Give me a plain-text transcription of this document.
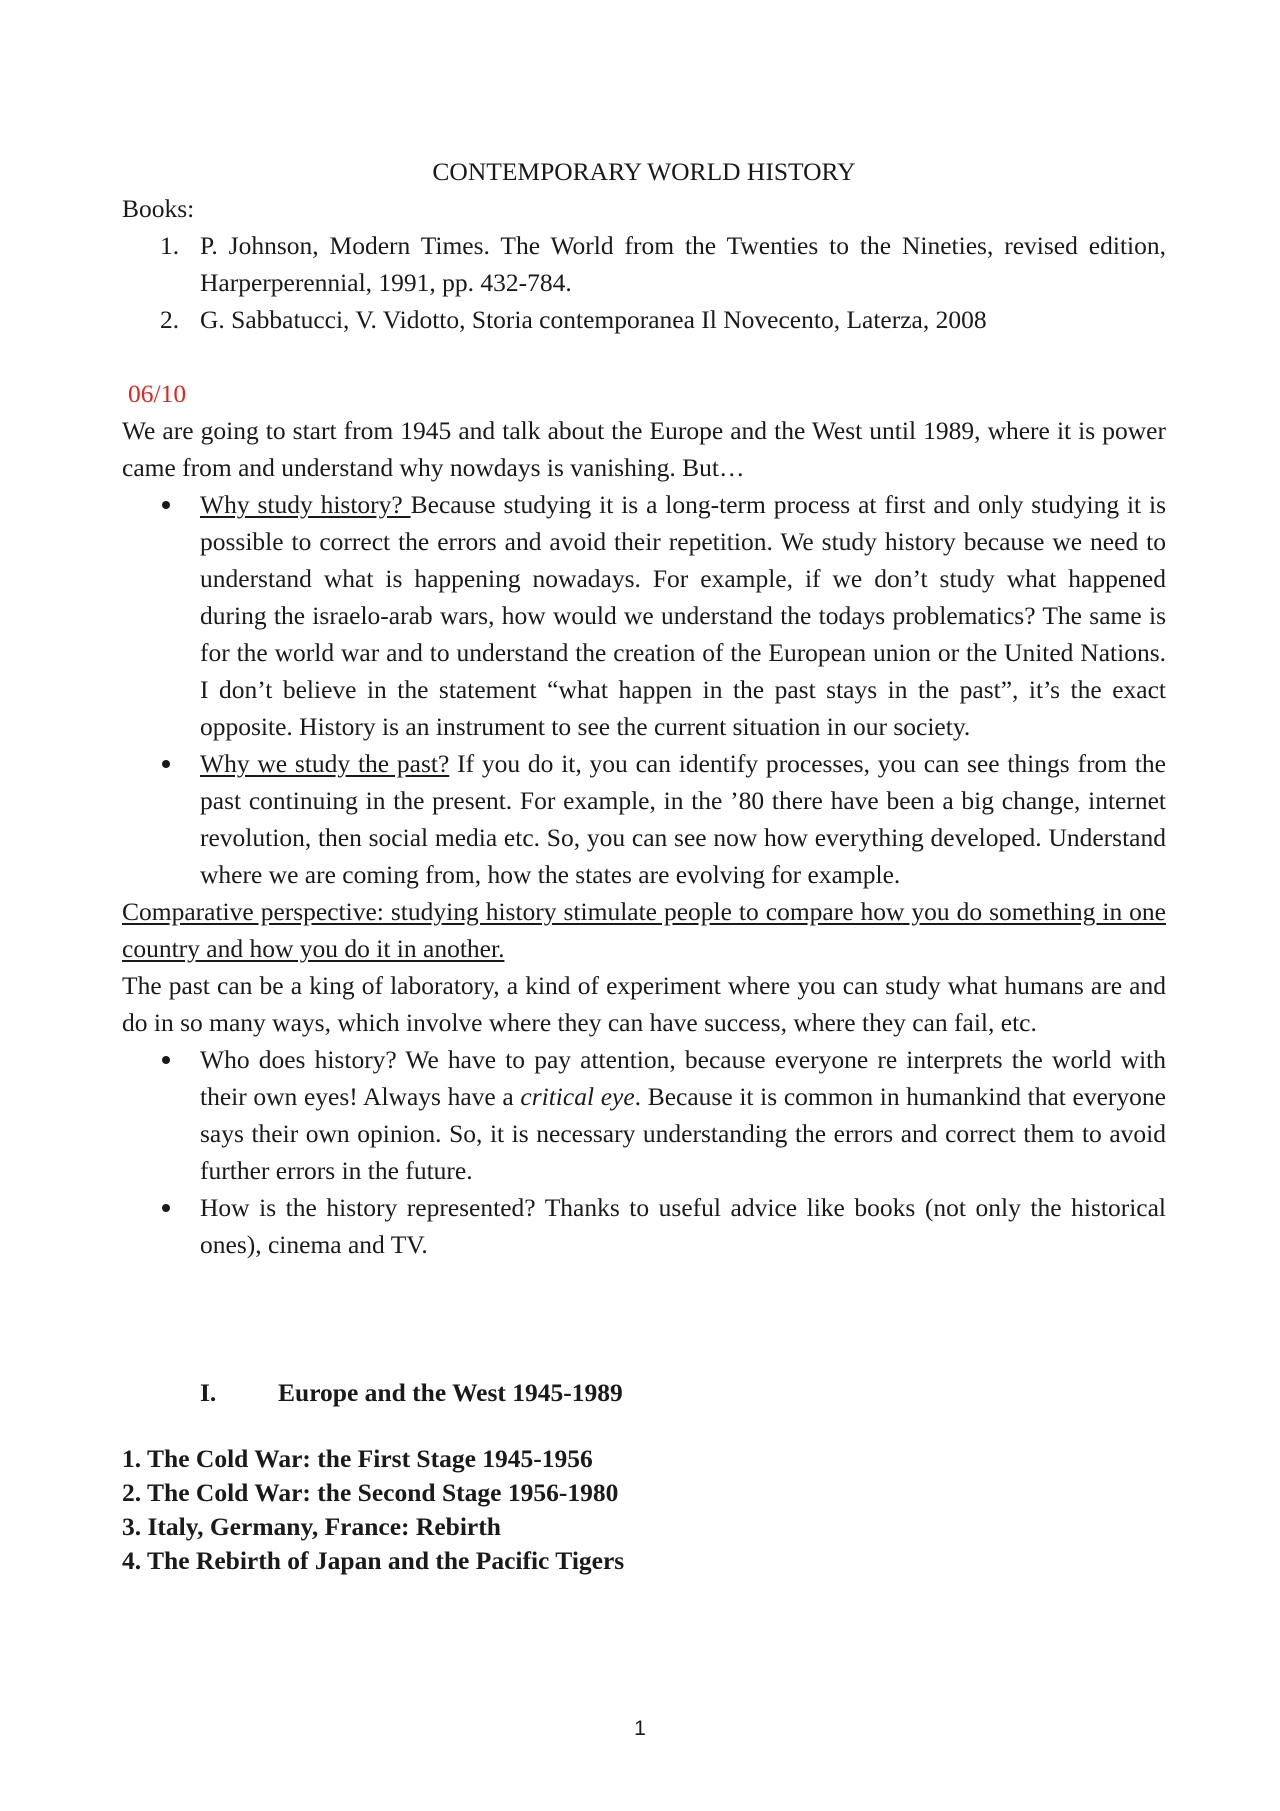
CONTEMPORARY WORLD HISTORY
Books:
1. P. Johnson, Modern Times. The World from the Twenties to the Nineties, revised edition, Harperperennial, 1991, pp. 432-784.
2. G. Sabbatucci, V. Vidotto, Storia contemporanea Il Novecento, Laterza, 2008
06/10

We are going to start from 1945 and talk about the Europe and the West until 1989, where it is power came from and understand why nowdays is vanishing. But…

Why study history? Because studying it is a long-term process at first and only studying it is possible to correct the errors and avoid their repetition. We study history because we need to understand what is happening nowadays. For example, if we don’t study what happened during the israelo-arab wars, how would we understand the todays problematics? The same is for the world war and to understand the creation of the European union or the United Nations. I don’t believe in the statement “what happen in the past stays in the past”, it’s the exact opposite. History is an instrument to see the current situation in our society.
Why we study the past? If you do it, you can identify processes, you can see things from the past continuing in the present. For example, in the ’80 there have been a big change, internet revolution, then social media etc. So, you can see now how everything developed. Understand where we are coming from, how the states are evolving for example.

Comparative perspective: studying history stimulate people to compare how you do something in one country and how you do it in another.

The past can be a king of laboratory, a kind of experiment where you can study what humans are and do in so many ways, which involve where they can have success, where they can fail, etc.

Who does history? We have to pay attention, because everyone re interprets the world with their own eyes! Always have a critical eye. Because it is common in humankind that everyone says their own opinion. So, it is necessary understanding the errors and correct them to avoid further errors in the future.
How is the history represented? Thanks to useful advice like books (not only the historical ones), cinema and TV.
I. Europe and the West 1945-1989
1. The Cold War: the First Stage 1945-1956
2. The Cold War: the Second Stage 1956-1980
3. Italy, Germany, France: Rebirth
4. The Rebirth of Japan and the Pacific Tigers
1
